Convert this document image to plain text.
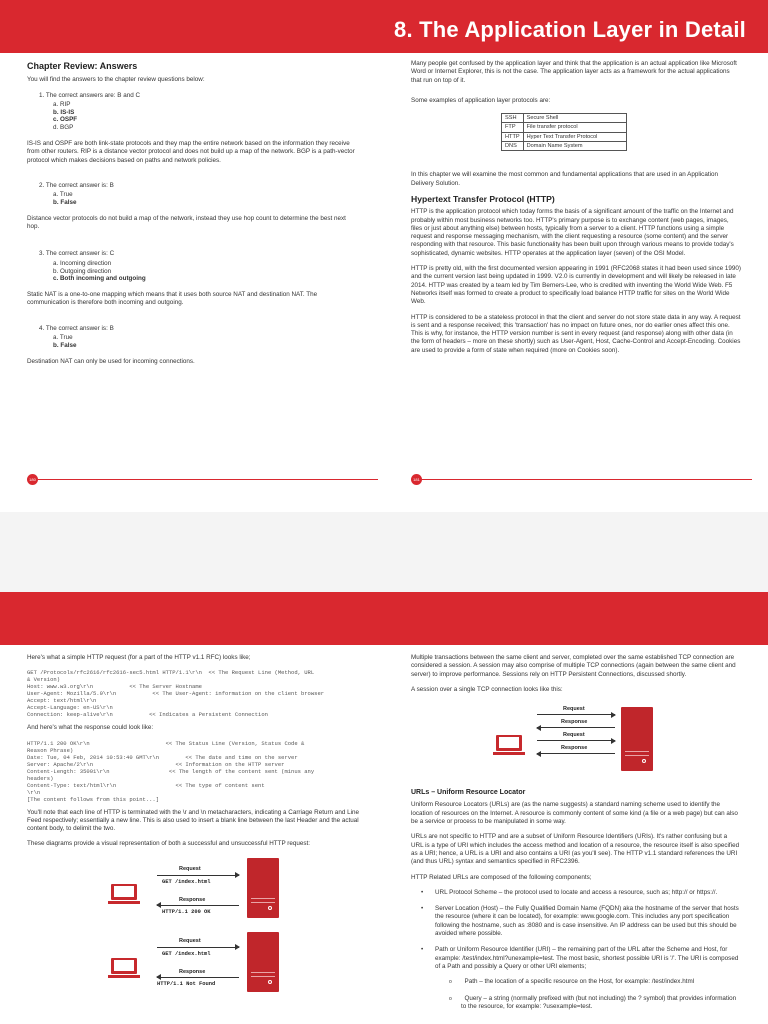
8. The Application Layer in Detail
Chapter Review: Answers

You will find the answers to the chapter review questions below:

1. The correct answers are: B and C
a. RIP
b. IS-IS
c. OSPF
d. BGP

IS-IS and OSPF are both link-state protocols and they map the entire network based on the information they receive from other routers. RIP is a distance vector protocol and does not build up a map of the network. BGP is a path-vector protocol which makes decisions based on paths and network policies.

2. The correct answer is: B
a. True
b. False

Distance vector protocols do not build a map of the network, instead they use hop count to determine the best next hop.

3. The correct answer is: C
a. Incoming direction
b. Outgoing direction
c. Both incoming and outgoing

Static NAT is a one-to-one mapping which means that it uses both source NAT and destination NAT. The communication is therefore both incoming and outgoing.

4. The correct answer is: B
a. True
b. False

Destination NAT can only be used for incoming connections.

180

Many people get confused by the application layer and think that the application is an actual application like Microsoft Word or Internet Explorer, this is not the case. The application layer acts as a framework for the actual applications that run on top of it.

Some examples of application layer protocols are:

SSH	Secure Shell
FTP	File transfer protocol
HTTP	Hyper Text Transfer Protocol
DNS	Domain Name System

In this chapter we will examine the most common and fundamental applications that are used in an Application Delivery Solution.

Hypertext Transfer Protocol (HTTP)

HTTP is the application protocol which today forms the basis of a significant amount of the traffic on the Internet and probably within most business networks too. HTTP's primary purpose is to exchange content (web pages, images, files or just about anything else) between hosts, typically from a server to a client. HTTP functions using a simple request and response messaging mechanism, with the client requesting a resource (some content) and the server responding with that resource. This basic functionality has been built upon through various means to provide today's sophisticated, dynamic websites. HTTP operates at the application layer (seven) of the OSI Model.

HTTP is pretty old, with the first documented version appearing in 1991 (RFC2068 states it had been used since 1990) and the current version last being updated in 1999. V2.0 is currently in development and will likely be released in late 2014. HTTP was created by a team led by Tim Berners-Lee, who is credited with inventing the World Wide Web. F5 Networks itself was formed to create a product to specifically load balance HTTP traffic for sites on the World Wide Web.

HTTP is considered to be a stateless protocol in that the client and server do not store state data in any way. A request is sent and a response received; this 'transaction' has no impact on future ones, nor do earlier ones affect this one. This is why, for instance, the HTTP version number is sent in every request (and response) along with other data (in the form of headers – more on these shortly) such as User-Agent, Host, Cache-Control and Accept-Encoding. Cookies are used to provide a form of state when required (more on Cookies soon).

181

Here's what a simple HTTP request (for a part of the HTTP v1.1 RFC) looks like;

GET /Protocols/rfc2616/rfc2616-sec5.html HTTP/1.1\r\n  << The Request Line (Method, URL
& Version)
Host: www.w3.org\r\n           << The Server Hostname
User-Agent: Mozilla/5.0\r\n           << The User-Agent: information on the client browser
Accept: text/html\r\n
Accept-Language: en-US\r\n
Connection: keep-alive\r\n           << Indicates a Persistent Connection

And here's what the response could look like:

HTTP/1.1 200 OK\r\n                       << The Status Line (Version, Status Code &
Reason Phrase)
Date: Tue, 04 Feb, 2014 10:53:40 GMT\r\n        << The date and time on the server
Server: Apache/2\r\n                         << Information on the HTTP server
Content-Length: 35001\r\n                  << The length of the content sent (minus any
headers)
Content-Type: text/html\r\n                  << The type of content sent
\r\n
[The content follows from this point...]

You'll note that each line of HTTP is terminated with the \r and \n metacharacters, indicating a Carriage Return and Line Feed respectively; essentially a new line. This is also used to insert a blank line between the last Header and the actual content body, to delimit the two.

These diagrams provide a visual representation of both a successful and unsuccessful HTTP request:

Request
GET /index.html
Response
HTTP/1.1 200 OK
Request
GET /index.html
Response
HTTP/1.1 Not Found

Multiple transactions between the same client and server, completed over the same established TCP connection are considered a session. A session may also comprise of multiple TCP connections (again between the same client and server) to improve performance. Sessions rely on HTTP Persistent Connections, discussed shortly.

A session over a single TCP connection looks like this:

Request
Response
Request
Response
URLs – Uniform Resource Locator

Uniform Resource Locators (URLs) are (as the name suggests) a standard naming scheme used to identify the location of resources on the Internet. A resource is commonly content of some kind (a file or a web page) but can also be a service or process to be manipulated in some way.

URLs are not specific to HTTP and are a subset of Uniform Resource Identifiers (URIs). It's rather confusing but a URL is a type of URI which includes the access method and location of a resource, the resource itself is also specified as a URI; hence, a URL is a URI and also contains a URI (as you'll see). The HTTP v1.1 standard references the URI (and thus URL) syntax and semantics specified in RFC2396.

HTTP Related URLs are composed of the following components;

• URL Protocol Scheme – the protocol used to locate and access a resource, such as; http:// or https://.
• Server Location (Host) – the Fully Qualified Domain Name (FQDN) aka the hostname of the server that hosts the resource (where it can be located), for example: www.google.com. This includes any port specification following the hostname, such as :8080 and is case insensitive. An IP address can be used but this should be avoided where possible.
• Path or Uniform Resource Identifier (URI) – the remaining part of the URL after the Scheme and Host, for example: /test/index.html?unexample=test. The most basic, shortest possible URI is '/'. The URI is composed of a Path and possibly a Query or other URI elements;
o Path – the location of a specific resource on the Host, for example: /test/index.html
o Query – a string (normally prefixed with (but not including) the ? symbol) that provides information to the resource, for example: ?usexample=test.
